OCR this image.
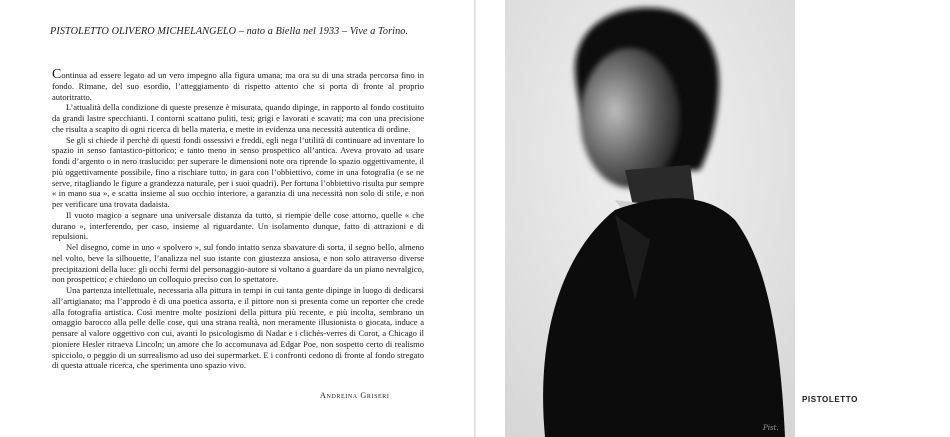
PISTOLETTO OLIVERO MICHELANGELO – nato a Biella nel 1933 – Vive a Torino.

Continua ad essere legato ad un vero impegno alla figura umana; ma ora su di una strada percorsa fino in fondo. Rimane, del suo esordio, l’atteggiamento di rispetto attento che si porta di fronte al proprio autoritratto.

L’attualità della condizione di queste presenze è misurata, quando dipinge, in rapporto al fondo costituito da grandi lastre specchianti. I contorni scattano puliti, tesi; grigi e lavorati e scavati; ma con una precisione che risulta a scapito di ogni ricerca di bella materia, e mette in evidenza una necessità autentica di ordine.

Se gli si chiede il perchè di questi fondi ossessivi e freddi, egli nega l’utilità di continuare ad inventare lo spazio in senso fantastico-pittorico; e tanto meno in senso prospettico all’antica. Aveva provato ad usare fondi d’argento o in nero traslucido: per superare le dimensioni note ora riprende lo spazio oggettivamente, il più oggettivamente possibile, fino a rischiare tutto, in gara con l’obbiettivo, come in una fotografia (e se ne serve, ritagliando le figure a grandezza naturale, per i suoi quadri). Per fortuna l’obbiettivo risulta pur sempre « in mano sua », e scatta insieme al suo occhio interiore, a garanzia di una necessità non solo di stile, e non per verificare una trovata dadaista.

Il vuoto magico a segnare una universale distanza da tutto, si riempie delle cose attorno, quelle « che durano », interferendo, per caso, insieme al riguardante. Un isolamento dunque, fatto di attrazioni e di repulsioni.

Nel disegno, come in uno « spolvero », sul fondo intatto senza sbavature di sorta, il segno bello, almeno nel volto, beve la silhouette, l’analizza nel suo istante con giustezza ansiosa, e non solo attraverso diverse precipitazioni della luce: gli occhi fermi del personaggio-autore si voltano a guardare da un piano nevralgico, non prospettico; e chiedono un colloquio preciso con lo spettatore.

Una partenza intellettuale, necessaria alla pittura in tempi in cui tanta gente dipinge in luogo di dedicarsi all’artigianato; ma l’approdo è di una poetica assorta, e il pittore non si presenta come un reporter che crede alla fotografia artistica. Così mentre molte posizioni della pittura più recente, e più incolta, sembrano un omaggio barocco alla pelle delle cose, qui una strana realtà, non meramente illusionista o giocata, induce a pensare al valore oggettivo con cui, avanti lo psicologismo di Nadar e i clichés-verres di Corot, a Chicago il pioniere Hesler ritraeva Lincoln; un amore che lo accomunava ad Edgar Poe, non sospetto certo di realismo spicciolo, o peggio di un surrealismo ad uso dei supermarket. E i confronti cedono di fronte al fondo stregato di questa attuale ricerca, che sperimenta uno spazio vivo.

Andreina Griseri
Pist.
PISTOLETTO
